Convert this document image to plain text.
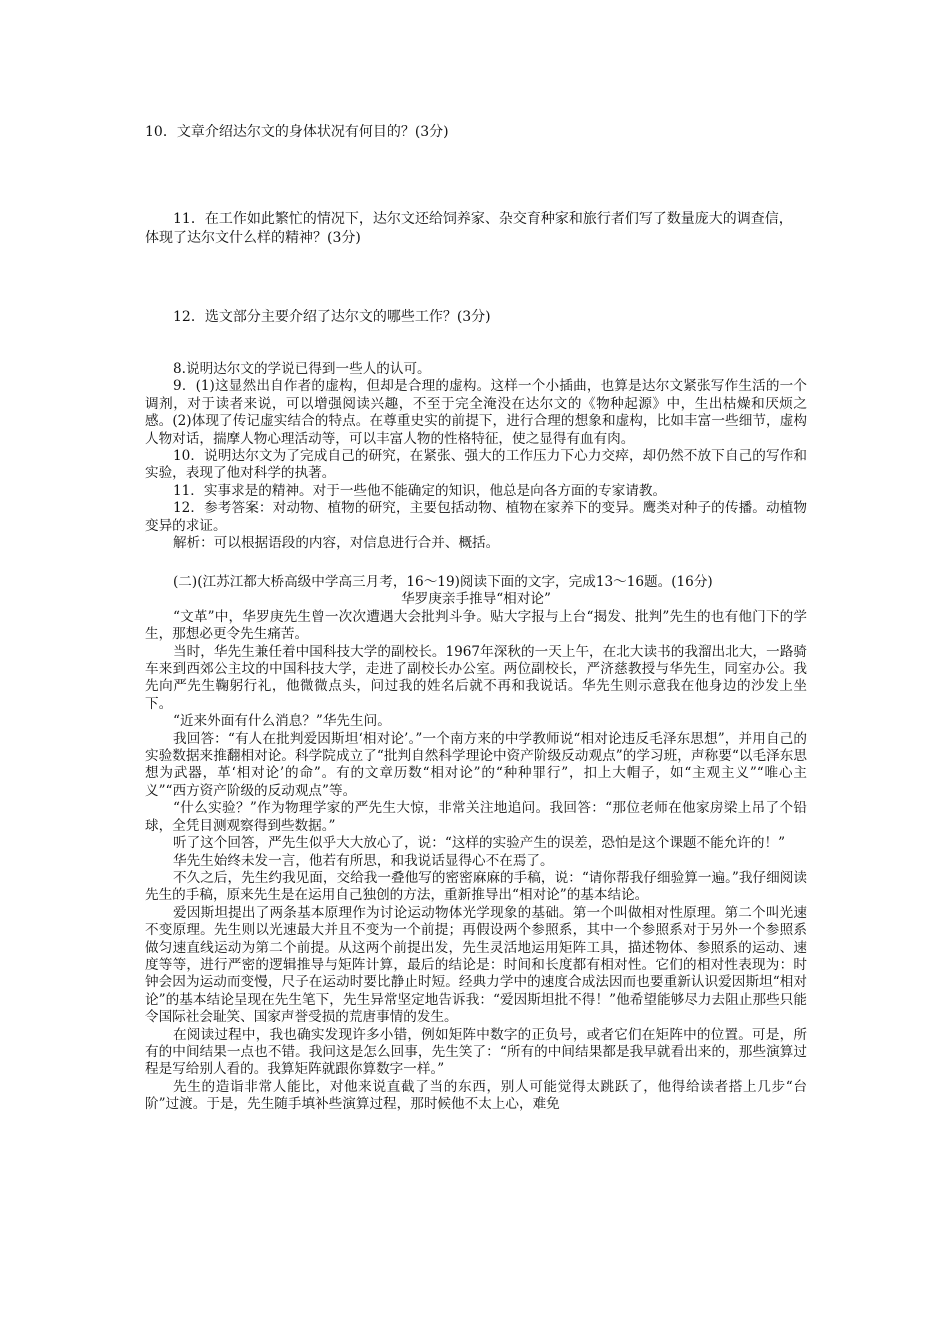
10．文章介绍达尔文的身体状况有何目的？(3分)

11．在工作如此繁忙的情况下，达尔文还给饲养家、杂交育种家和旅行者们写了数量庞大的调查信，体现了达尔文什么样的精神？(3分)

12．选文部分主要介绍了达尔文的哪些工作？(3分)

8.说明达尔文的学说已得到一些人的认可。

9．(1)这显然出自作者的虚构，但却是合理的虚构。这样一个小插曲，也算是达尔文紧张写作生活的一个调剂，对于读者来说，可以增强阅读兴趣，不至于完全淹没在达尔文的《物种起源》中，生出枯燥和厌烦之感。(2)体现了传记虚实结合的特点。在尊重史实的前提下，进行合理的想象和虚构，比如丰富一些细节，虚构人物对话，揣摩人物心理活动等，可以丰富人物的性格特征，使之显得有血有肉。

10．说明达尔文为了完成自己的研究，在紧张、强大的工作压力下心力交瘁，却仍然不放下自己的写作和实验，表现了他对科学的执著。

11．实事求是的精神。对于一些他不能确定的知识，他总是向各方面的专家请教。

12．参考答案：对动物、植物的研究，主要包括动物、植物在家养下的变异。鹰类对种子的传播。动植物变异的求证。

解析：可以根据语段的内容，对信息进行合并、概括。

(二)(江苏江都大桥高级中学高三月考，16～19)阅读下面的文字，完成13～16题。(16分)

华罗庚亲手推导“相对论”

“文革”中，华罗庚先生曾一次次遭遇大会批判斗争。贴大字报与上台“揭发、批判”先生的也有他门下的学生，那想必更令先生痛苦。

当时，华先生兼任着中国科技大学的副校长。1967年深秋的一天上午，在北大读书的我溜出北大，一路骑车来到西郊公主坟的中国科技大学，走进了副校长办公室。两位副校长，严济慈教授与华先生，同室办公。我先向严先生鞠躬行礼，他微微点头，问过我的姓名后就不再和我说话。华先生则示意我在他身边的沙发上坐下。

“近来外面有什么消息？”华先生问。

我回答：“有人在批判爱因斯坦‘相对论’。”一个南方来的中学教师说“相对论违反毛泽东思想”，并用自己的实验数据来推翻相对论。科学院成立了“批判自然科学理论中资产阶级反动观点”的学习班，声称要“以毛泽东思想为武器，革‘相对论’的命”。有的文章历数“相对论”的“种种罪行”，扣上大帽子，如“主观主义”“唯心主义”“西方资产阶级的反动观点”等。

“什么实验？”作为物理学家的严先生大惊，非常关注地追问。我回答：“那位老师在他家房梁上吊了个铅球，全凭目测观察得到些数据。”

听了这个回答，严先生似乎大大放心了，说：“这样的实验产生的误差，恐怕是这个课题不能允许的！”

华先生始终未发一言，他若有所思，和我说话显得心不在焉了。

不久之后，先生约我见面，交给我一叠他写的密密麻麻的手稿，说：“请你帮我仔细验算一遍。”我仔细阅读先生的手稿，原来先生是在运用自己独创的方法，重新推导出“相对论”的基本结论。

爱因斯坦提出了两条基本原理作为讨论运动物体光学现象的基础。第一个叫做相对性原理。第二个叫光速不变原理。先生则以光速最大并且不变为一个前提；再假设两个参照系，其中一个参照系对于另外一个参照系做匀速直线运动为第二个前提。从这两个前提出发，先生灵活地运用矩阵工具，描述物体、参照系的运动、速度等等，进行严密的逻辑推导与矩阵计算，最后的结论是：时间和长度都有相对性。它们的相对性表现为：时钟会因为运动而变慢，尺子在运动时要比静止时短。经典力学中的速度合成法因而也要重新认识爱因斯坦“相对论”的基本结论呈现在先生笔下，先生异常坚定地告诉我：“爱因斯坦批不得！”他希望能够尽力去阻止那些只能令国际社会耻笑、国家声誉受损的荒唐事情的发生。

在阅读过程中，我也确实发现许多小错，例如矩阵中数字的正负号，或者它们在矩阵中的位置。可是，所有的中间结果一点也不错。我问这是怎么回事，先生笑了：“所有的中间结果都是我早就看出来的，那些演算过程是写给别人看的。我算矩阵就跟你算数字一样。”

先生的造诣非常人能比，对他来说直截了当的东西，别人可能觉得太跳跃了，他得给读者搭上几步“台阶”过渡。于是，先生随手填补些演算过程，那时候他不太上心，难免
